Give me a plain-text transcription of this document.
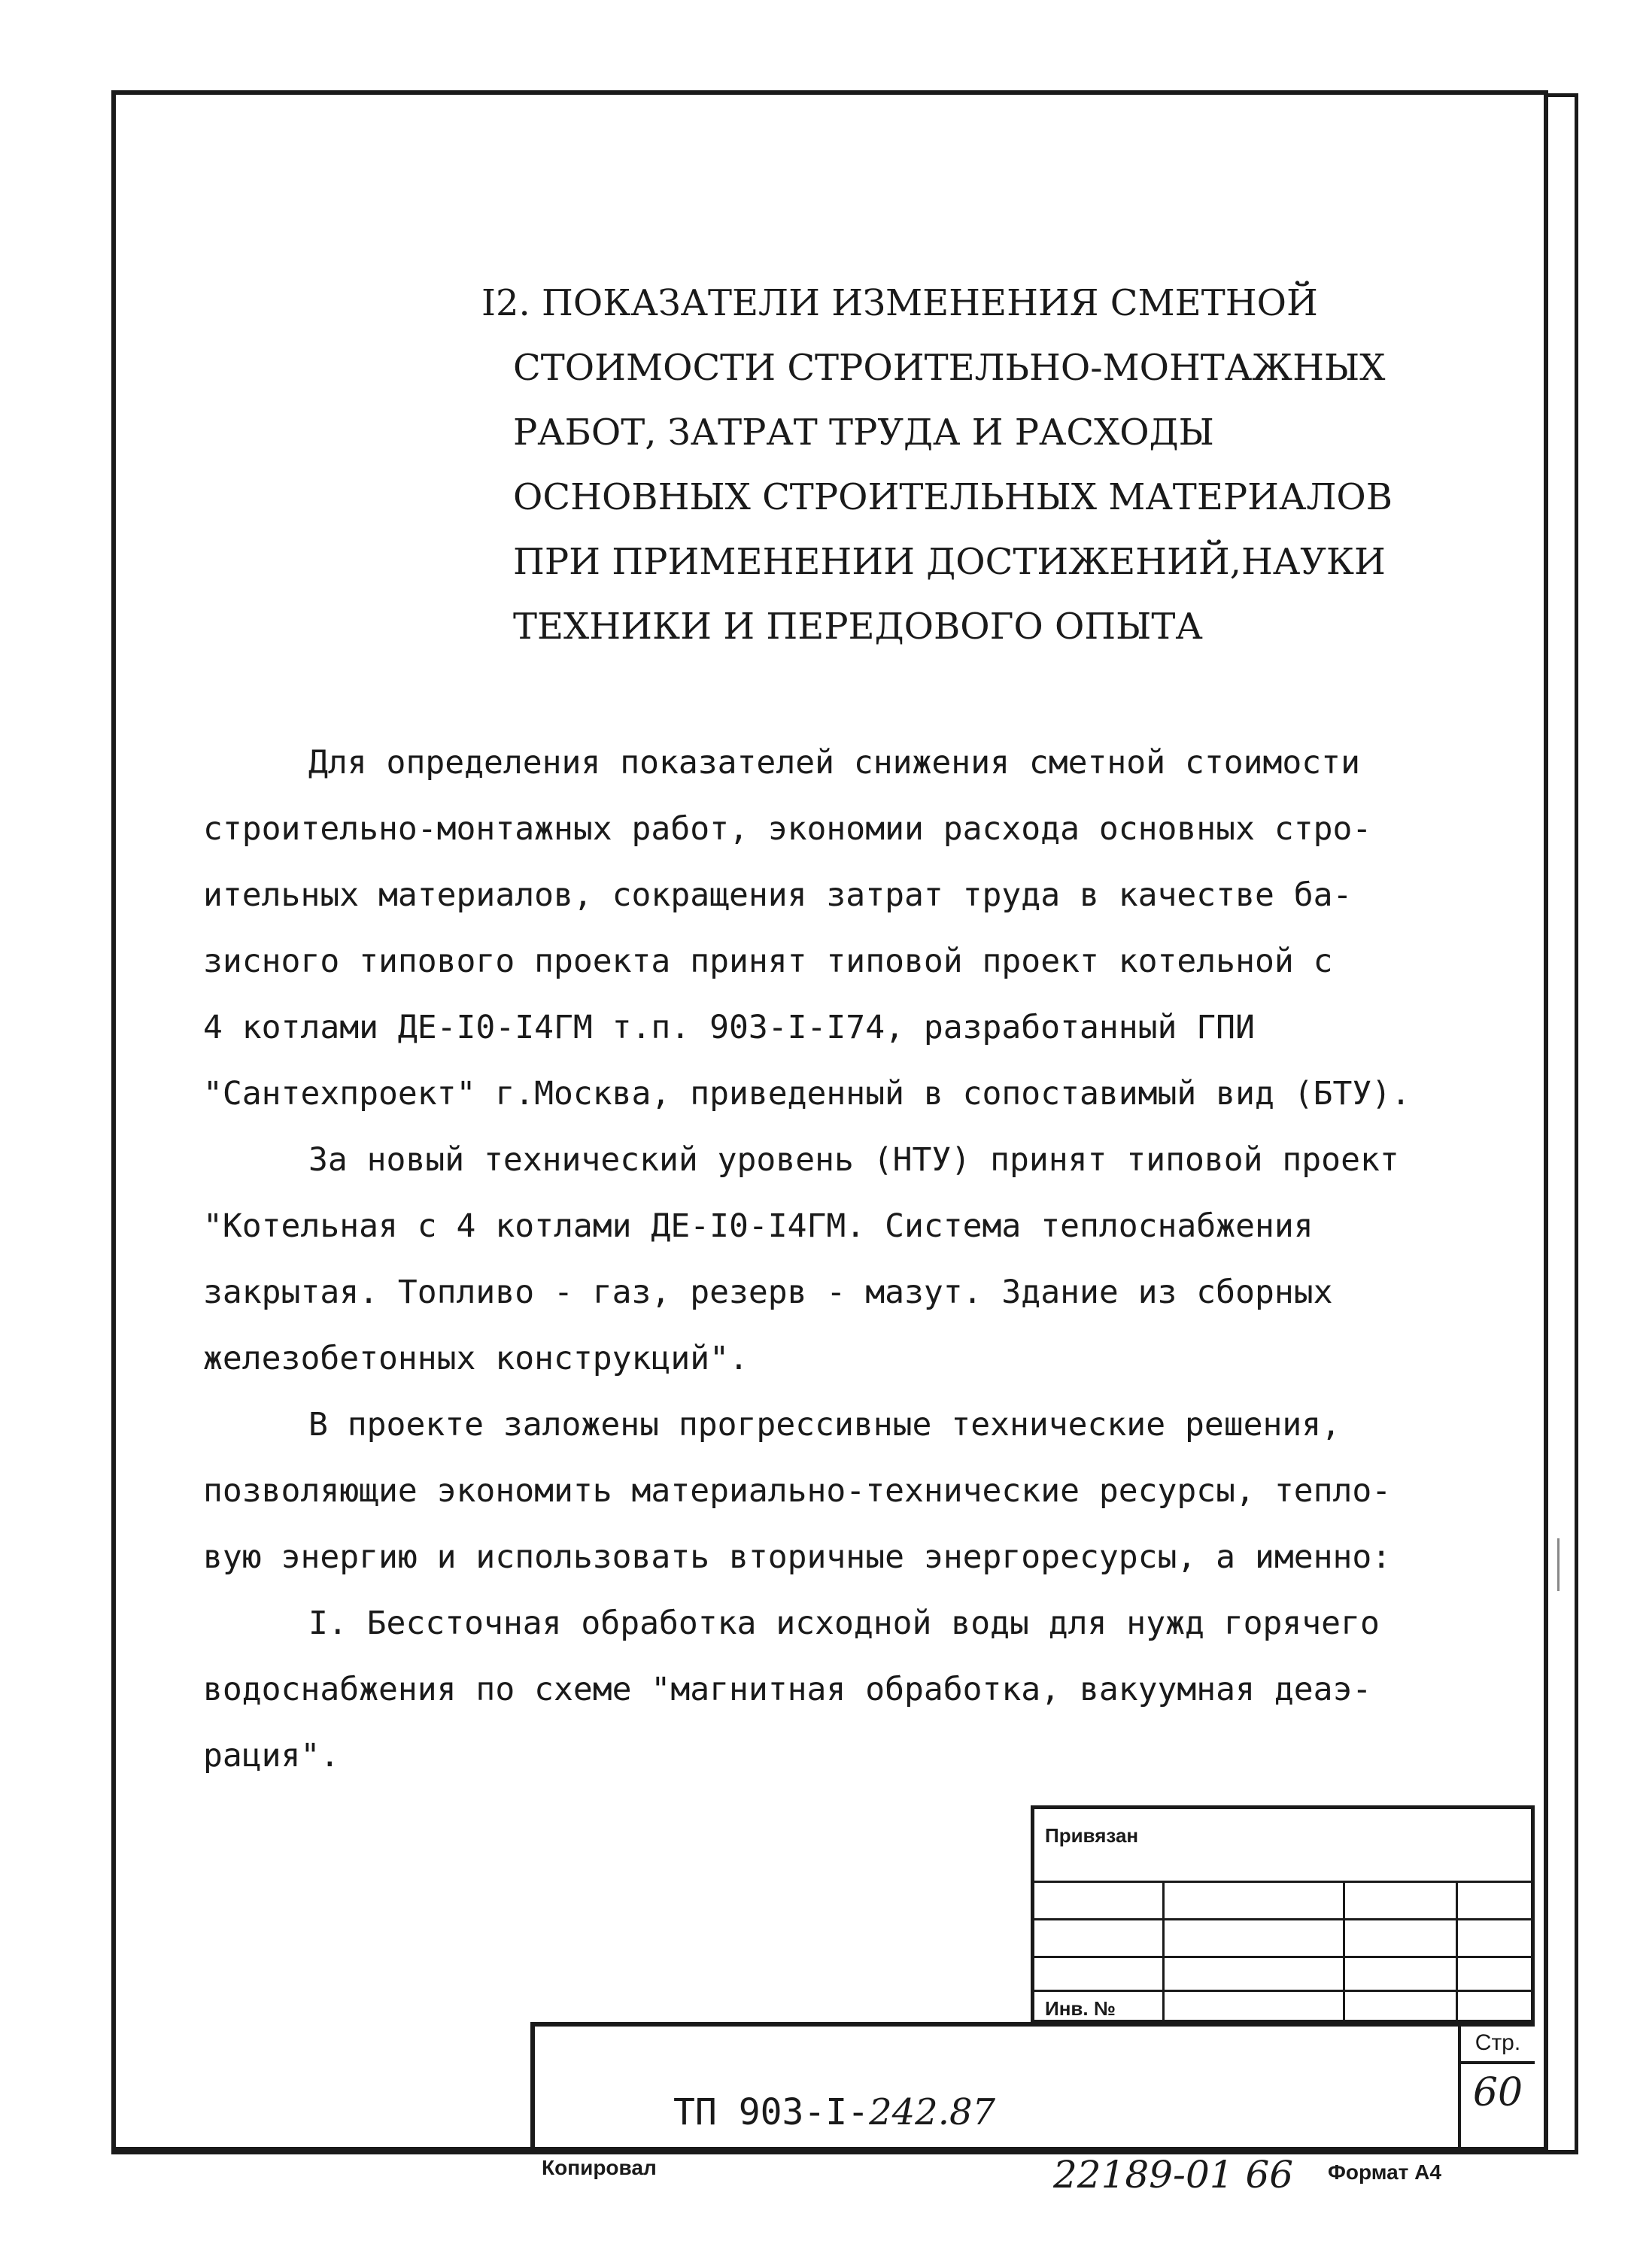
I2. ПОКАЗАТЕЛИ ИЗМЕНЕНИЯ СМЕТНОЙ
СТОИМОСТИ СТРОИТЕЛЬНО-МОНТАЖНЫХ
РАБОТ, ЗАТРАТ ТРУДА И РАСХОДЫ
ОСНОВНЫХ СТРОИТЕЛЬНЫХ МАТЕРИАЛОВ
ПРИ ПРИМЕНЕНИИ ДОСТИЖЕНИЙ,НАУКИ
ТЕХНИКИ И ПЕРЕДОВОГО ОПЫТА
Для определения показателей снижения сметной стоимости
строительно-монтажных работ, экономии расхода основных стро-
ительных материалов, сокращения затрат труда в качестве ба-
зисного типового проекта принят типовой проект котельной с
4 котлами ДЕ-I0-I4ГМ т.п. 903-I-I74, разработанный ГПИ
"Сантехпроект" г.Москва, приведенный в сопоставимый вид (БТУ).
За новый технический уровень (НТУ) принят типовой проект
"Котельная с 4 котлами ДЕ-I0-I4ГМ. Система теплоснабжения
закрытая. Топливо - газ, резерв - мазут. Здание из сборных
железобетонных конструкций".
В проекте заложены прогрессивные технические решения,
позволяющие экономить материально-технические ресурсы, тепло-
вую энергию и использовать вторичные энергоресурсы, а именно:
I. Бессточная обработка исходной воды для нужд горячего
водоснабжения по схеме "магнитная обработка, вакуумная деаэ-
рация".
Привязан
Инв. №
ТП 903-I-242.87
Стр.
60
Копировал	22189-01 66 Формат А4
